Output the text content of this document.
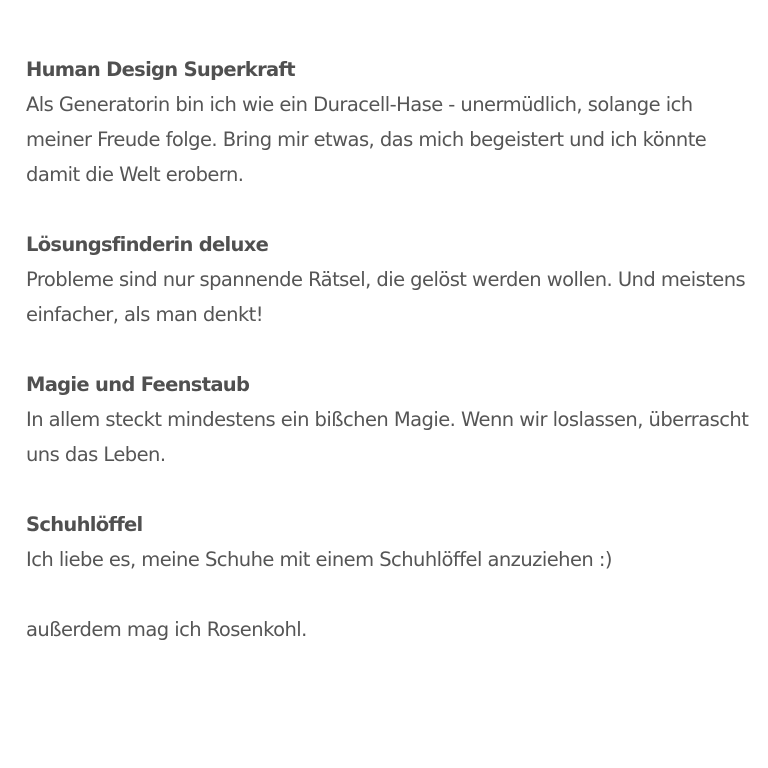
Human Design Superkraft

Als Generatorin bin ich wie ein Duracell-Hase - unermüdlich, solange ich meiner Freude folge. Bring mir etwas, das mich begeistert und ich könnte damit die Welt erobern.

Lösungsfinderin deluxe

Probleme sind nur spannende Rätsel, die gelöst werden wollen. Und meistens einfacher, als man denkt!

Magie und Feenstaub

In allem steckt mindestens ein bißchen Magie. Wenn wir loslassen, überrascht uns das Leben.

Schuhlöffel

Ich liebe es, meine Schuhe mit einem Schuhlöffel anzuziehen :)

außerdem mag ich Rosenkohl.
